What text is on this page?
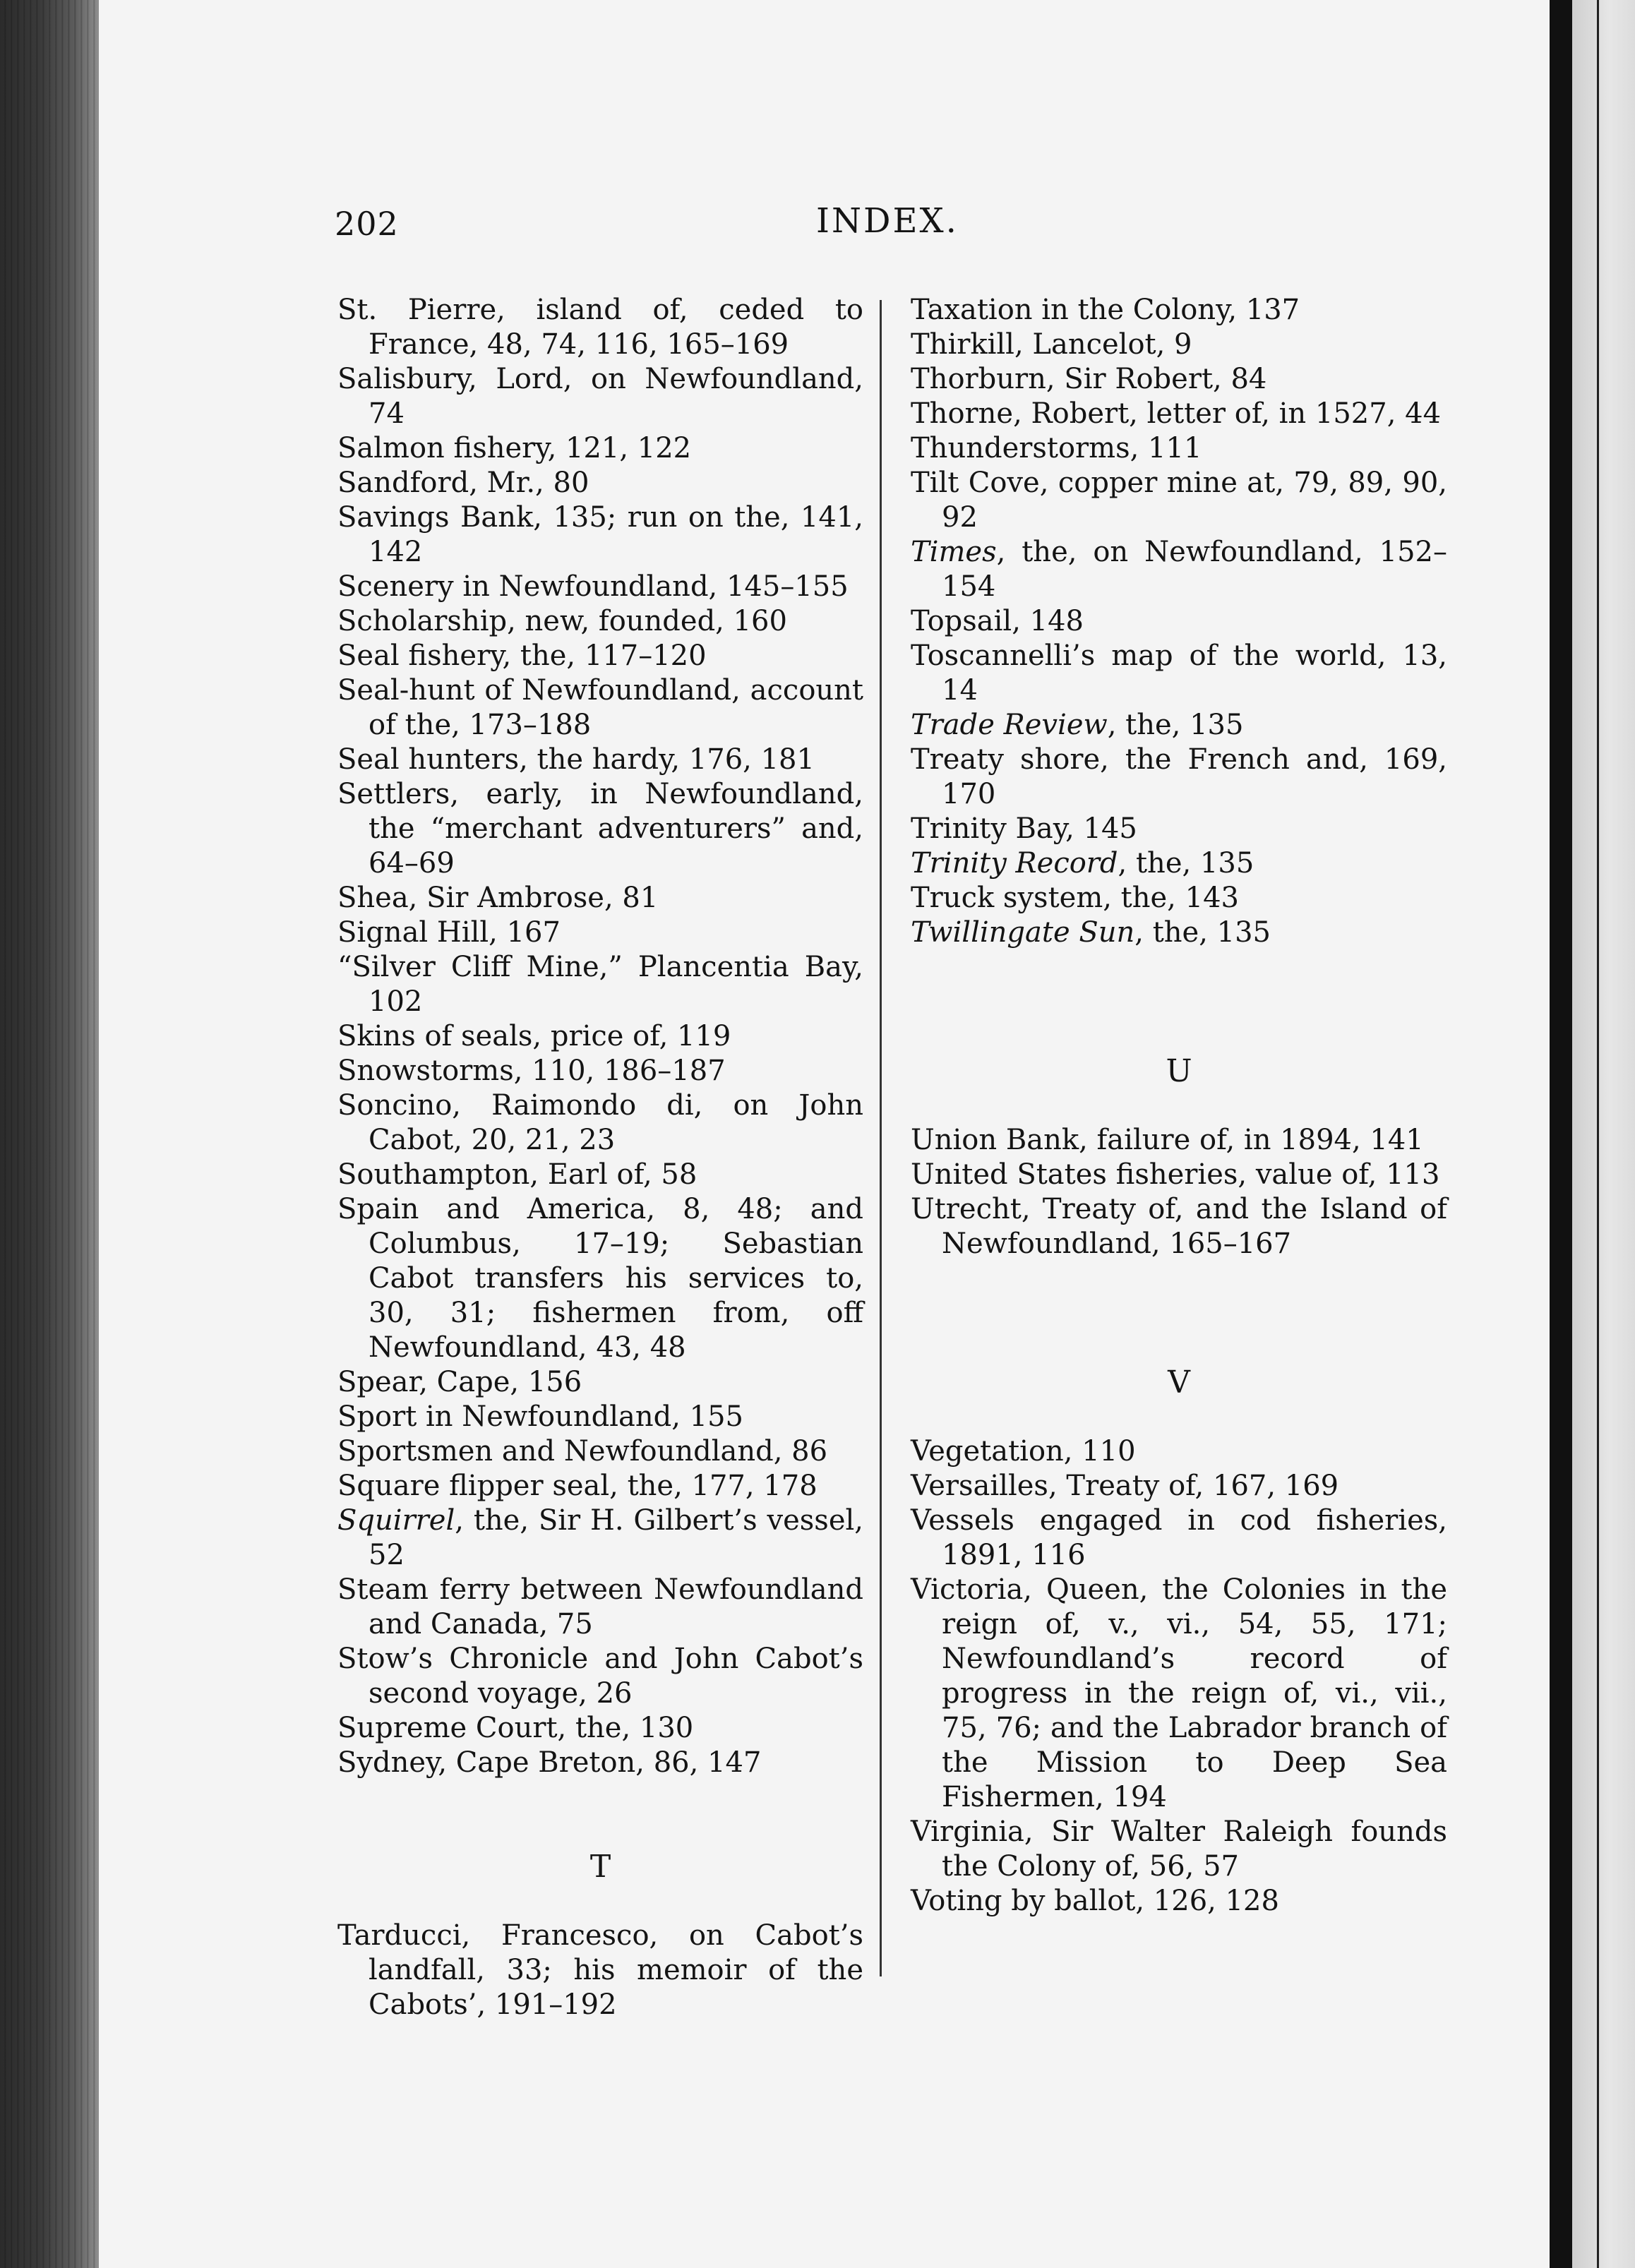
202	INDEX.
St. Pierre, island of, ceded to France, 48, 74, 116, 165–169
Salisbury, Lord, on Newfoundland, 74
Salmon fishery, 121, 122
Sandford, Mr., 80
Savings Bank, 135; run on the, 141, 142
Scenery in Newfoundland, 145–155
Scholarship, new, founded, 160
Seal fishery, the, 117–120
Seal-hunt of Newfoundland, account of the, 173–188
Seal hunters, the hardy, 176, 181
Settlers, early, in Newfoundland, the “merchant adventurers” and, 64–69
Shea, Sir Ambrose, 81
Signal Hill, 167
“Silver Cliff Mine,” Plancentia Bay, 102
Skins of seals, price of, 119
Snowstorms, 110, 186–187
Soncino, Raimondo di, on John Cabot, 20, 21, 23
Southampton, Earl of, 58
Spain and America, 8, 48; and Columbus, 17–19; Sebastian Cabot transfers his services to, 30, 31; fishermen from, off Newfoundland, 43, 48
Spear, Cape, 156
Sport in Newfoundland, 155
Sportsmen and Newfoundland, 86
Square flipper seal, the, 177, 178
Squirrel, the, Sir H. Gilbert’s vessel, 52
Steam ferry between Newfoundland and Canada, 75
Stow’s Chronicle and John Cabot’s second voyage, 26
Supreme Court, the, 130
Sydney, Cape Breton, 86, 147
T
Tarducci, Francesco, on Cabot’s landfall, 33; his memoir of the Cabots’, 191–192
Taxation in the Colony, 137
Thirkill, Lancelot, 9
Thorburn, Sir Robert, 84
Thorne, Robert, letter of, in 1527, 44
Thunderstorms, 111
Tilt Cove, copper mine at, 79, 89, 90, 92
Times, the, on Newfoundland, 152–154
Topsail, 148
Toscannelli’s map of the world, 13, 14
Trade Review, the, 135
Treaty shore, the French and, 169, 170
Trinity Bay, 145
Trinity Record, the, 135
Truck system, the, 143
Twillingate Sun, the, 135
U
Union Bank, failure of, in 1894, 141
United States fisheries, value of, 113
Utrecht, Treaty of, and the Island of Newfoundland, 165–167
V
Vegetation, 110
Versailles, Treaty of, 167, 169
Vessels engaged in cod fisheries, 1891, 116
Victoria, Queen, the Colonies in the reign of, v., vi., 54, 55, 171; Newfoundland’s record of progress in the reign of, vi., vii., 75, 76; and the Labrador branch of the Mission to Deep Sea Fishermen, 194
Virginia, Sir Walter Raleigh founds the Colony of, 56, 57
Voting by ballot, 126, 128
